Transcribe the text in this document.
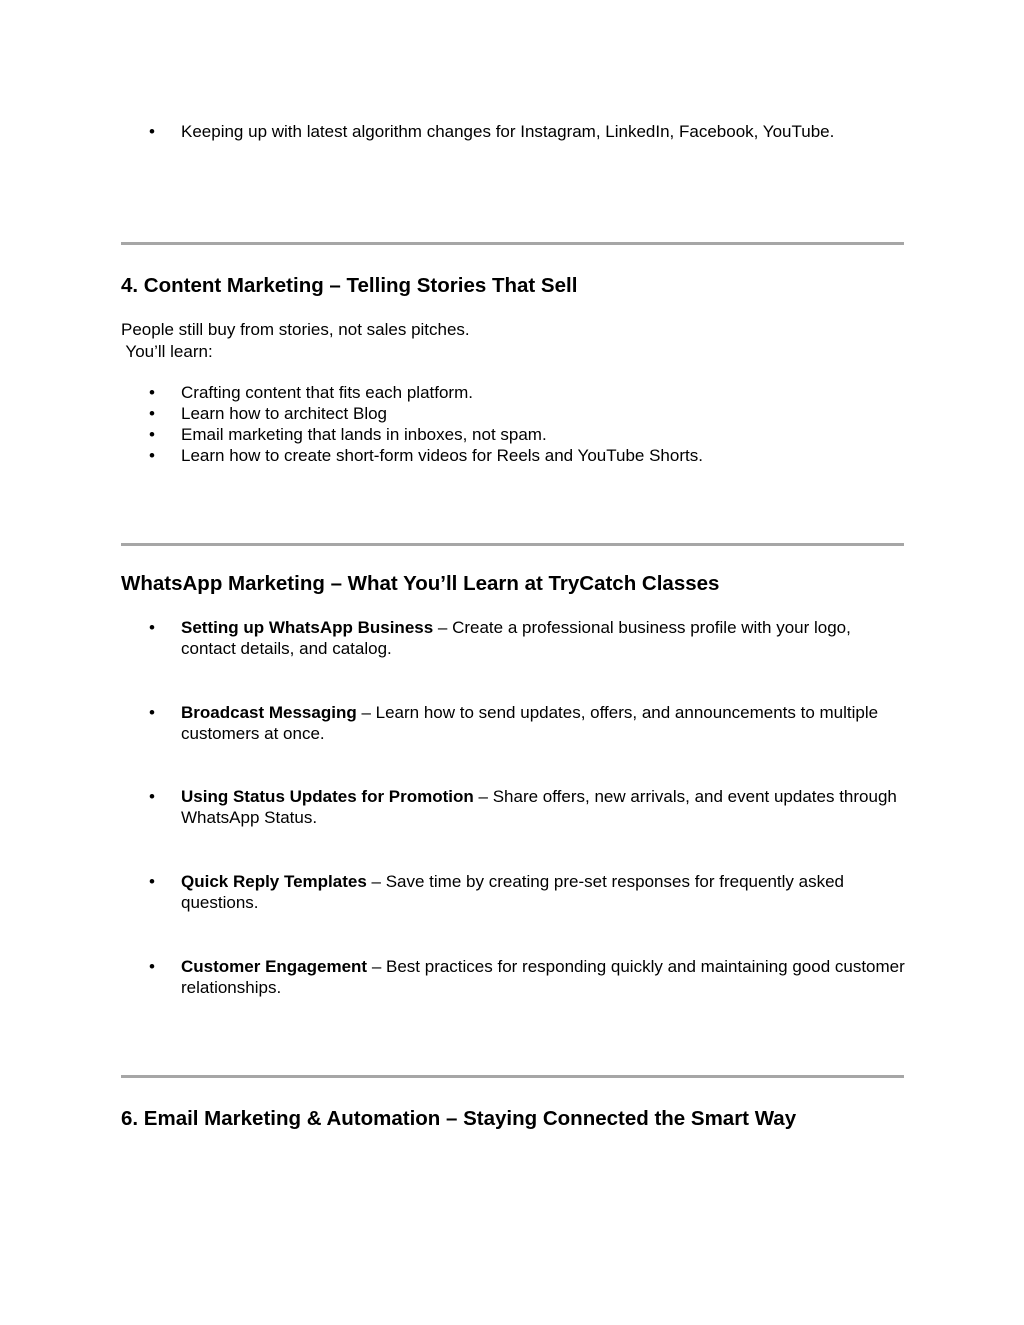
• Keeping up with latest algorithm changes for Instagram, LinkedIn, Facebook, YouTube.
4. Content Marketing – Telling Stories That Sell
People still buy from stories, not sales pitches.
You’ll learn:
• Crafting content that fits each platform.
• Learn how to architect Blog
• Email marketing that lands in inboxes, not spam.
• Learn how to create short-form videos for Reels and YouTube Shorts.
WhatsApp Marketing – What You’ll Learn at TryCatch Classes
• Setting up WhatsApp Business – Create a professional business profile with your logo, contact details, and catalog.
• Broadcast Messaging – Learn how to send updates, offers, and announcements to multiple customers at once.
• Using Status Updates for Promotion – Share offers, new arrivals, and event updates through WhatsApp Status.
• Quick Reply Templates – Save time by creating pre-set responses for frequently asked questions.
• Customer Engagement – Best practices for responding quickly and maintaining good customer relationships.
6. Email Marketing & Automation – Staying Connected the Smart Way
